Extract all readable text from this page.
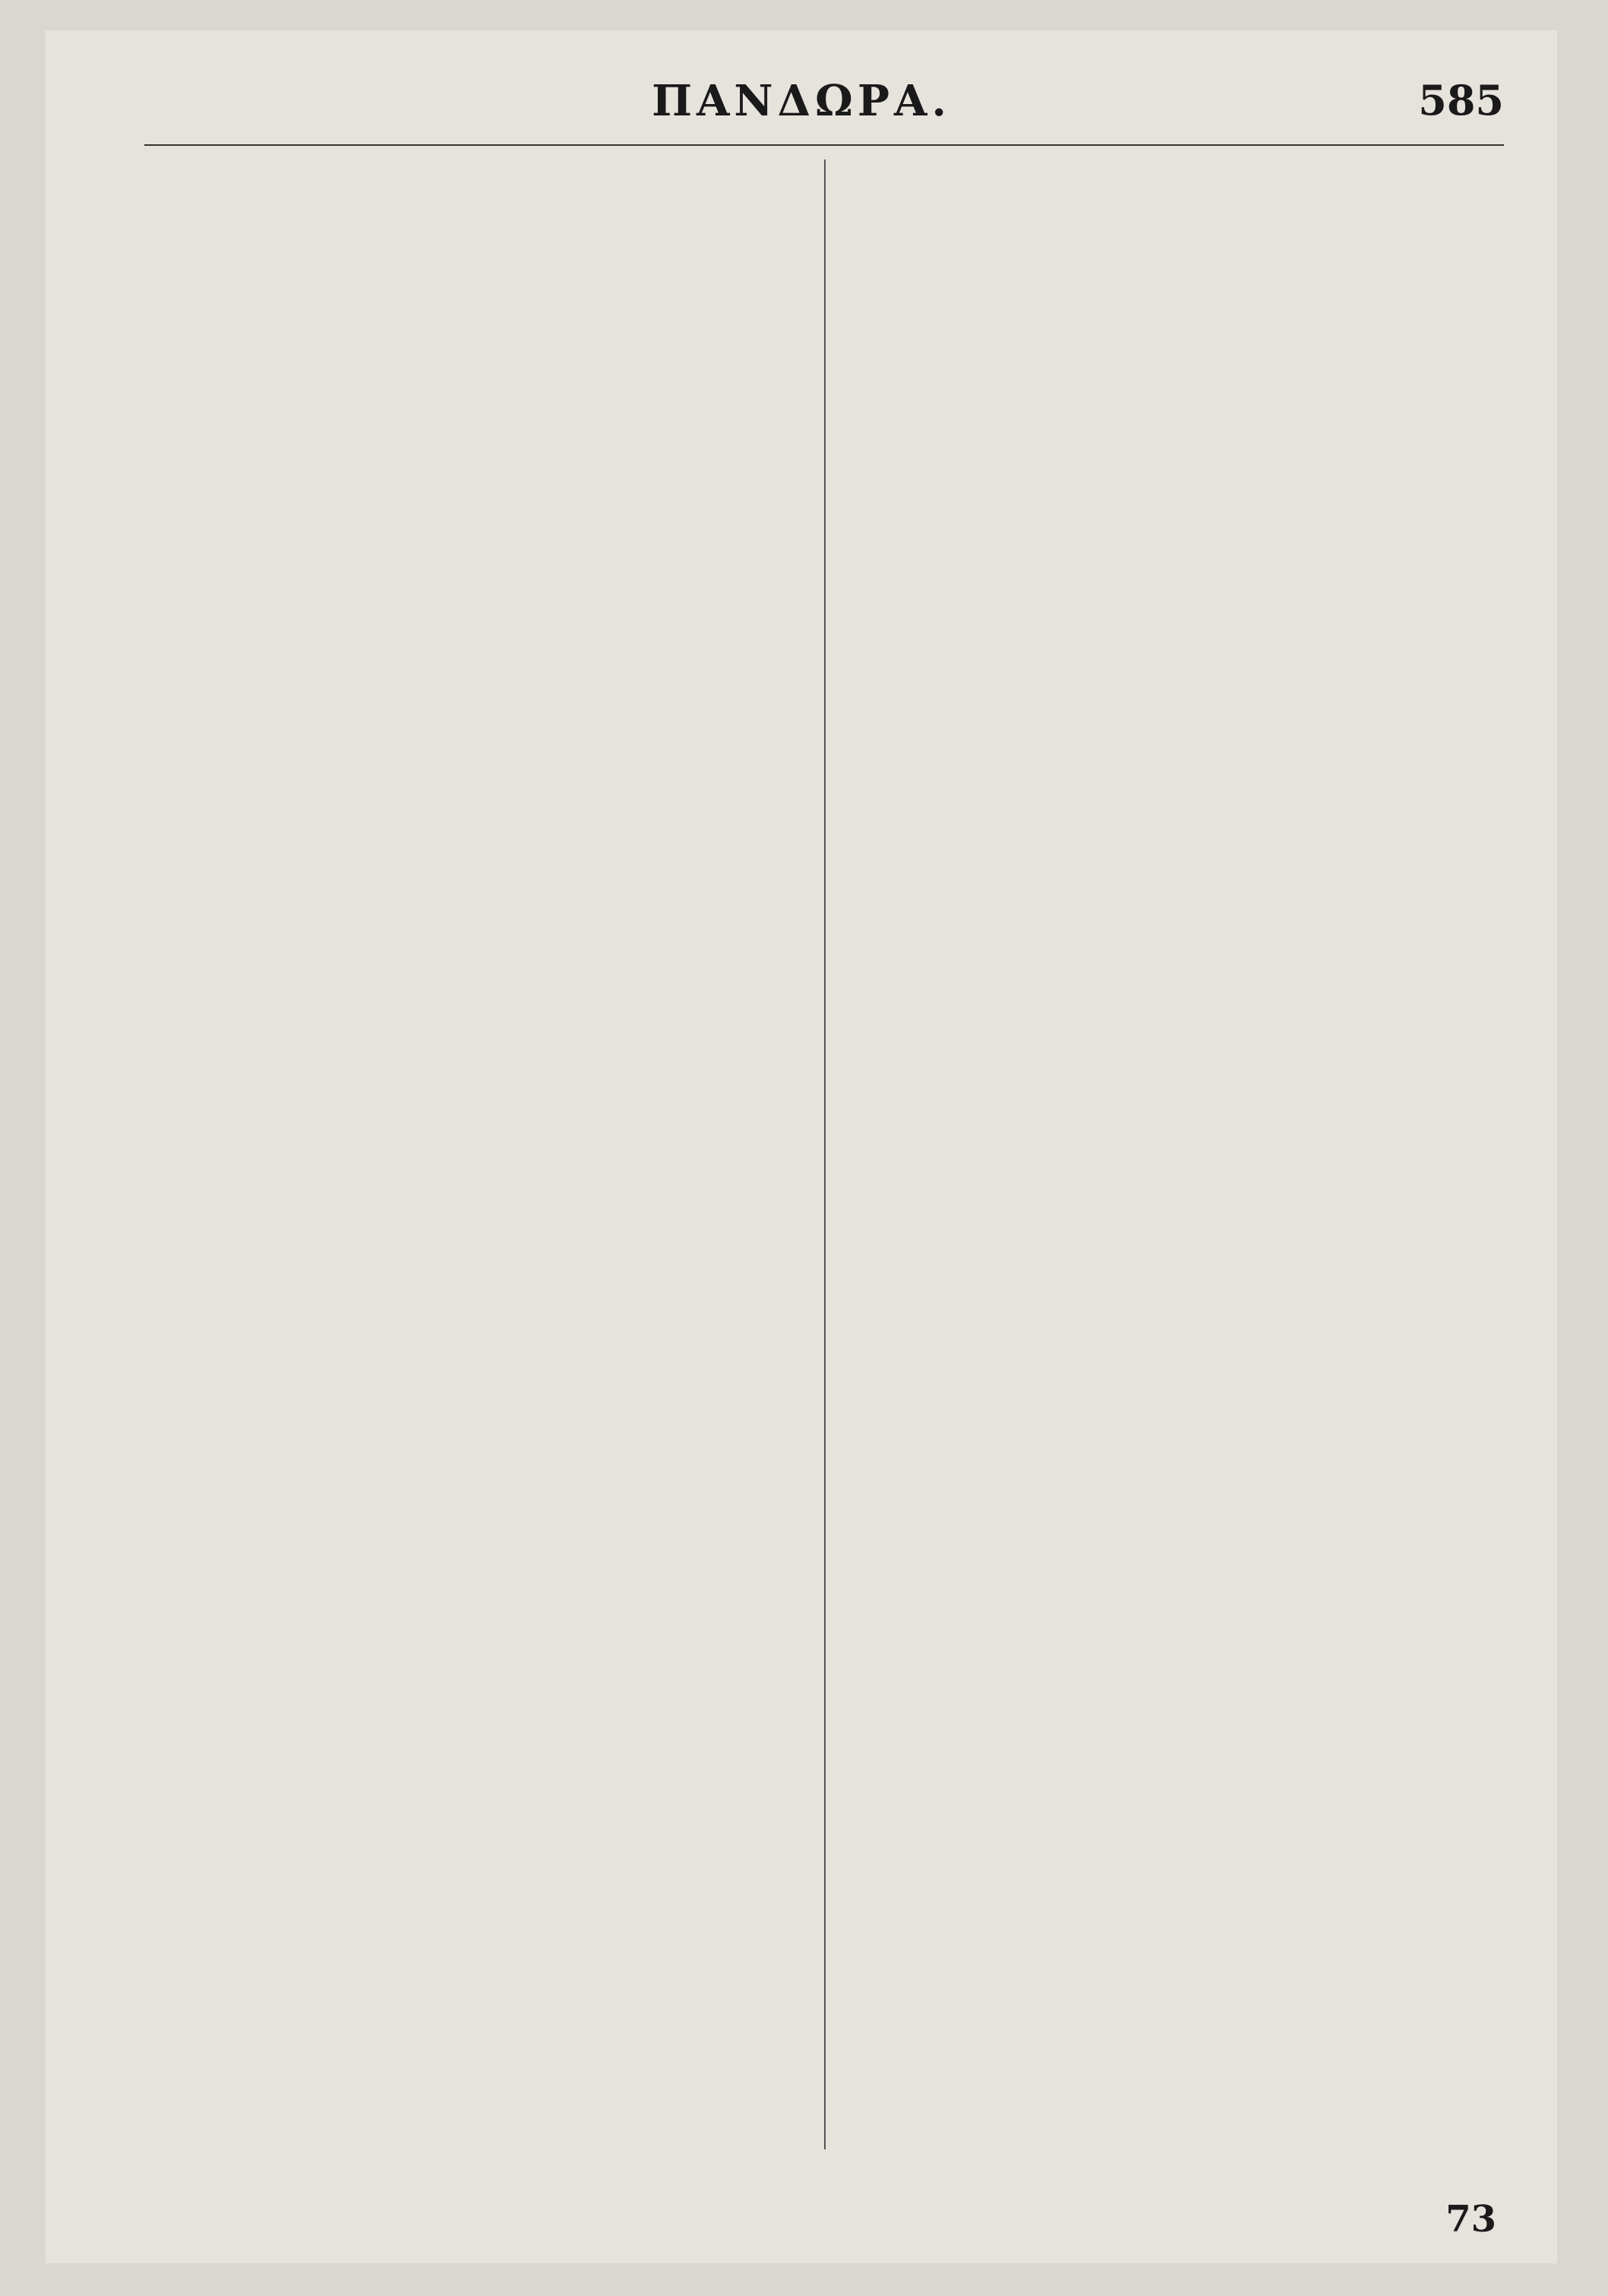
ΠΑΝΔΩΡΑ.	585

73
